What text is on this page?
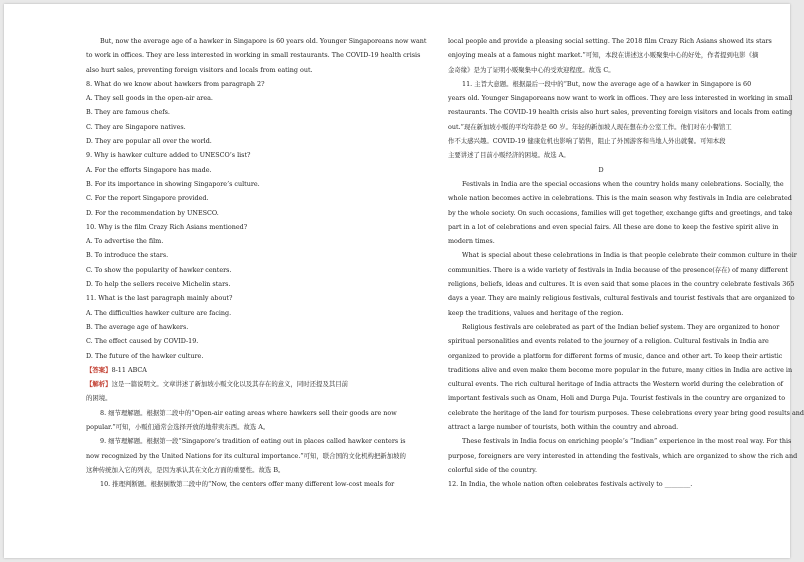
But, now the average age of a hawker in Singapore is 60 years old. Younger Singaporeans now want

to work in offices. They are less interested in working in small restaurants. The COVID-19 health crisis

also hurt sales, preventing foreign visitors and locals from eating out.

8. What do we know about hawkers from paragraph 2?

A. They sell goods in the open-air area.

B. They are famous chefs.

C. They are Singapore natives.

D. They are popular all over the world.

9. Why is hawker culture added to UNESCO’s list?

A. For the efforts Singapore has made.

B. For its importance in showing Singapore’s culture.

C. For the report Singapore provided.

D. For the recommendation by UNESCO.

10. Why is the film Crazy Rich Asians mentioned?

A. To advertise the film.

B. To introduce the stars.

C. To show the popularity of hawker centers.

D. To help the sellers receive Michelin stars.

11. What is the last paragraph mainly about?

A. The difficulties hawker culture are facing.

B. The average age of hawkers.

C. The effect caused by COVID-19.

D. The future of the hawker culture.

【答案】8-11 ABCA

【解析】这是一篇说明文。文章讲述了新加坡小贩文化以及其存在的意义，同时还提及其目前

的困境。

8. 细节理解题。根据第二段中的“Open-air eating areas where hawkers sell their goods are now

popular.”可知，小贩们通常会选择开放的地带卖东西。故选 A。

9. 细节理解题。根据第一段“Singapore’s tradition of eating out in places called hawker centers is

now recognized by the United Nations for its cultural importance.”可知，联合国的文化机构把新加坡的

这种传统加入它的列表，是因为承认其在文化方面的重要性。故选 B。

10. 推理判断题。根据倒数第二段中的“Now, the centers offer many different low-cost meals for

local people and provide a pleasing social setting. The 2018 film Crazy Rich Asians showed its stars

enjoying meals at a famous night market.”可知，本段在讲述这小贩聚集中心的好处，作者提到电影《摘

金奇缘》是为了证明小贩聚集中心的受欢迎程度。故选 C。

11. 主旨大意题。根据最后一段中的“But, now the average age of a hawker in Singapore is 60

years old. Younger Singaporeans now want to work in offices. They are less interested in working in small

restaurants. The COVID-19 health crisis also hurt sales, preventing foreign visitors and locals from eating

out.”现在新加坡小贩的平均年龄是 60 岁。年轻的新加坡人现在想在办公室工作。他们对在小餐馆工

作不太感兴趣。COVID-19 健康危机也影响了销售，阻止了外国游客和当地人外出就餐。可知本段

主要讲述了目前小贩经济的困境。故选 A。

D

Festivals in India are the special occasions when the country holds many celebrations. Socially, the

whole nation becomes active in celebrations. This is the main season why festivals in India are celebrated

by the whole society. On such occasions, families will get together, exchange gifts and greetings, and take

part in a lot of celebrations and even special fairs. All these are done to keep the festive spirit alive in

modern times.

What is special about these celebrations in India is that people celebrate their common culture in their

communities. There is a wide variety of festivals in India because of the presence(存在) of many different

religions, beliefs, ideas and cultures. It is even said that some places in the country celebrate festivals 365

days a year. They are mainly religious festivals, cultural festivals and tourist festivals that are organized to

keep the traditions, values and heritage of the region.

Religious festivals are celebrated as part of the Indian belief system. They are organized to honor

spiritual personalities and events related to the journey of a religion. Cultural festivals in India are

organized to provide a platform for different forms of music, dance and other art. To keep their artistic

traditions alive and even make them become more popular in the future, many cities in India are active in

cultural events. The rich cultural heritage of India attracts the Western world during the celebration of

important festivals such as Onam, Holi and Durga Puja. Tourist festivals in the country are organized to

celebrate the heritage of the land for tourism purposes. These celebrations every year bring good results and

attract a large number of tourists, both within the country and abroad.

These festivals in India focus on enriching people’s “Indian” experience in the most real way. For this

purpose, foreigners are very interested in attending the festivals, which are organized to show the rich and

colorful side of the country.

12. In India, the whole nation often celebrates festivals actively to ________.
